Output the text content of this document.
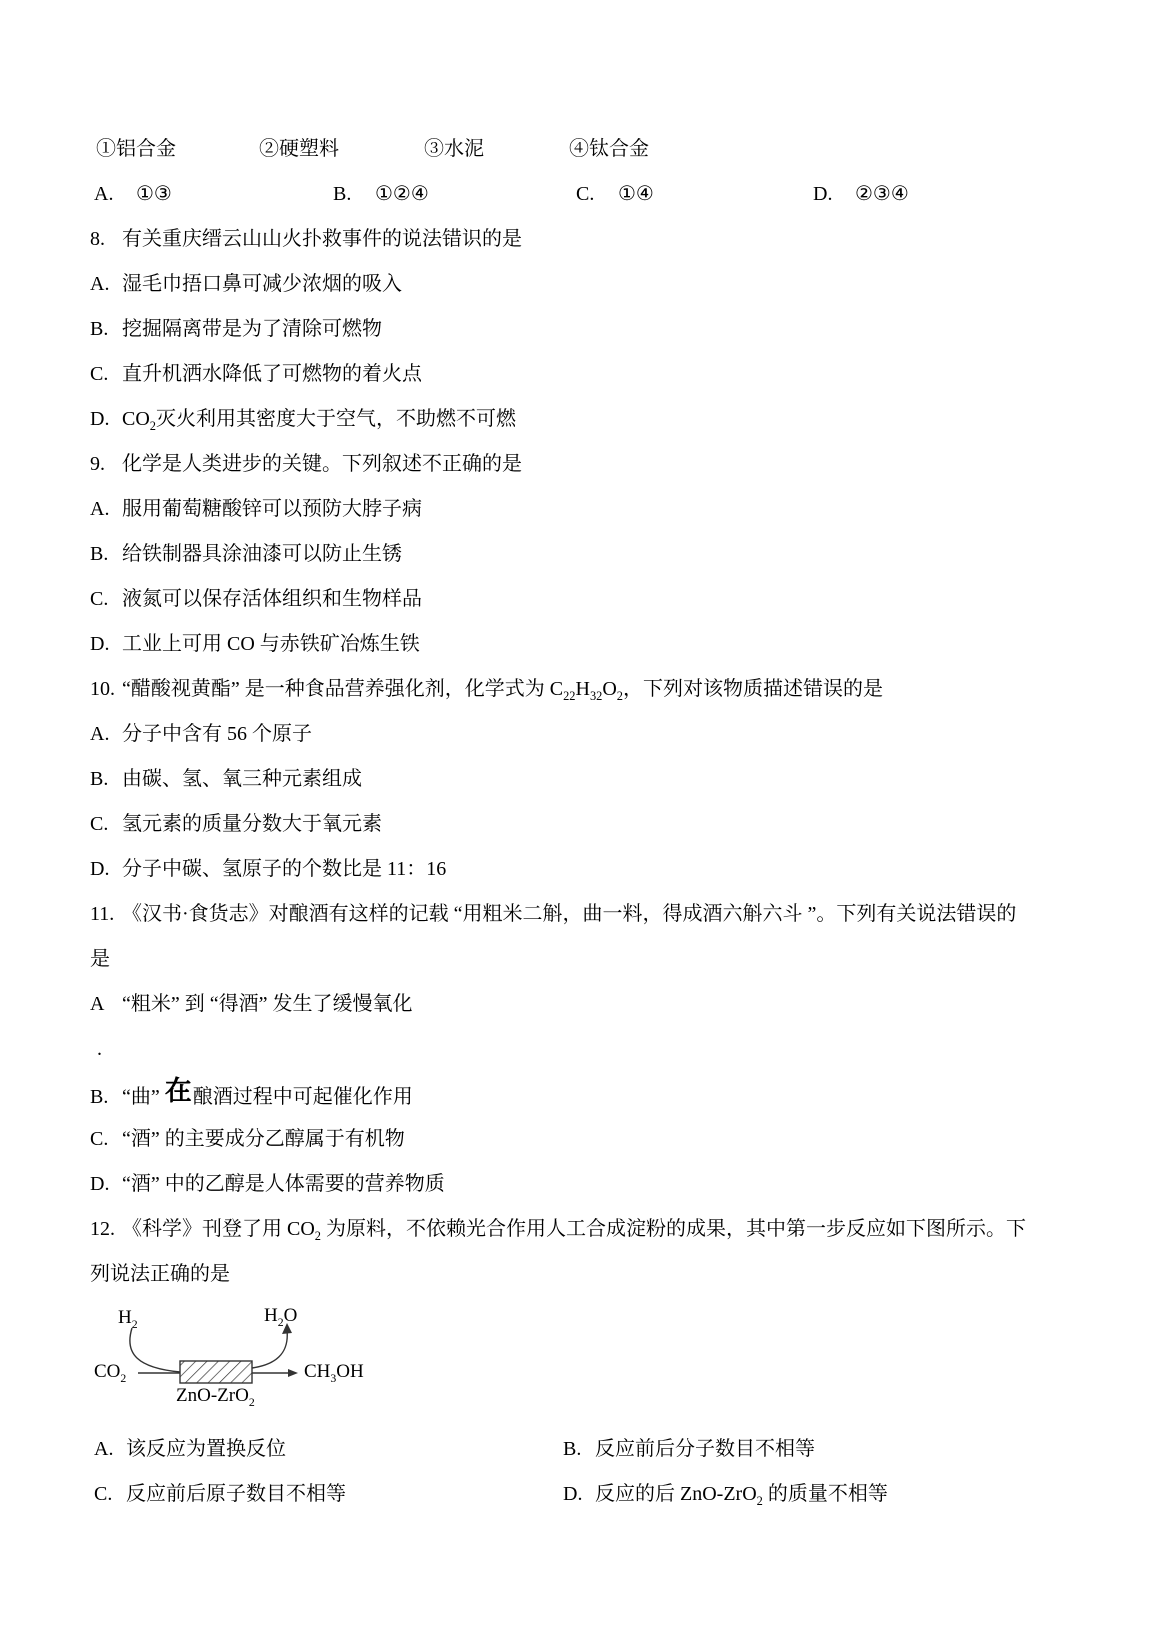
①铝合金	②硬塑料	③水泥	④钛合金
A. ①③	B. ①②④	C. ①④	D. ②③④
8. 有关重庆缙云山山火扑救事件的说法错识的是
A. 湿毛巾捂口鼻可减少浓烟的吸入
B. 挖掘隔离带是为了清除可燃物
C. 直升机洒水降低了可燃物的着火点
D. $CO_2$灭火利用其密度大于空气，不助燃不可燃
9. 化学是人类进步的关键。下列叙述不正确的是
A. 服用葡萄糖酸锌可以预防大脖子病
B. 给铁制器具涂油漆可以防止生锈
C. 液氮可以保存活体组织和生物样品
D. 工业上可用 CO 与赤铁矿冶炼生铁
10. “醋酸视黄酯” 是一种食品营养强化剂，化学式为 $C_{22}H_{32}O_2$，下列对该物质描述错误的是
A. 分子中含有 56 个原子
B. 由碳、氢、氧三种元素组成
C. 氢元素的质量分数大于氧元素
D. 分子中碳、氢原子的个数比是 11：16
11. 《汉书·食货志》对酿酒有这样的记载 “用粗米二斛，曲一料，得成酒六斛六斗 ”。下列有关说法错误的
是
A “粗米” 到 “得酒” 发生了缓慢氧化
.
B. “曲” 在酿酒过程中可起催化作用
C. “酒” 的主要成分乙醇属于有机物
D. “酒” 中的乙醇是人体需要的营养物质
12. 《科学》刊登了用 $CO_2$ 为原料，不依赖光合作用人工合成淀粉的成果，其中第一步反应如下图所示。下
列说法正确的是
$H_2$	$H_2O$
$CO_2$	$CH_3OH$
ZnO-ZrO$_2$
A. 该反应为置换反位	B. 反应前后分子数目不相等
C. 反应前后原子数目不相等	D. 反应的后 ZnO-ZrO$_2$ 的质量不相等
